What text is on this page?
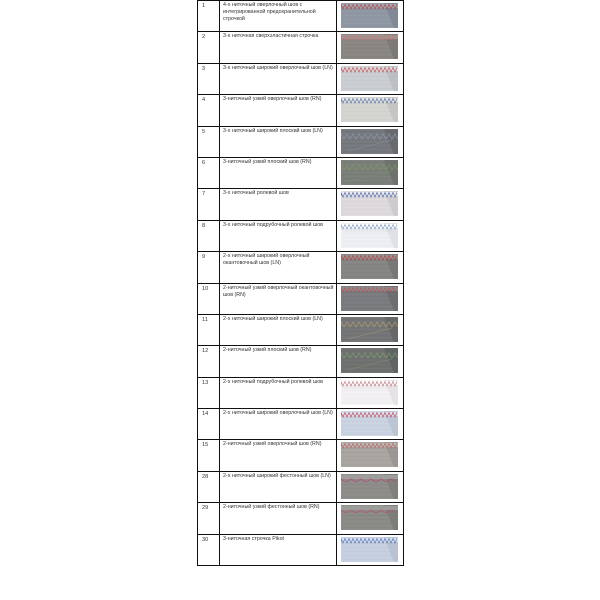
1	4-х ниточный оверлочный шов с интегрированной предохранительной строчкой	

2	3-х ниточная сверхэластичная строчка	

3	3-х ниточный широкий оверлочный шов (LN)	

4	3-ниточный узкий оверлочный шов (RN)	

5	3-х ниточный широкий плоский шов (LN)	

6	3-ниточный узкий плоский шов (RN)	

7	3-х ниточный ролевой шов	

8	3-х ниточный подрубочный ролевой шов	

9	2-х ниточный широкий оверлочный окантовочный шов (LN)	

10	2-ниточный узкий оверлочный окантовочный шов (RN)	

11	2-х ниточный широкий плоский шов (LN)	

12	2-ниточный узкий плоский шов (RN)	

13	2-х ниточный подрубочный ролевой шов	

14	2-х ниточный широкий оверлочный шов (LN)	

15	2-ниточный узкий оверлочный шов (RN)	

28	2-х ниточный широкий фестонный шов (LN)	

29	2-ниточный узкий фестонный шов (RN)	

30	3-ниточная строчка Pikot	
